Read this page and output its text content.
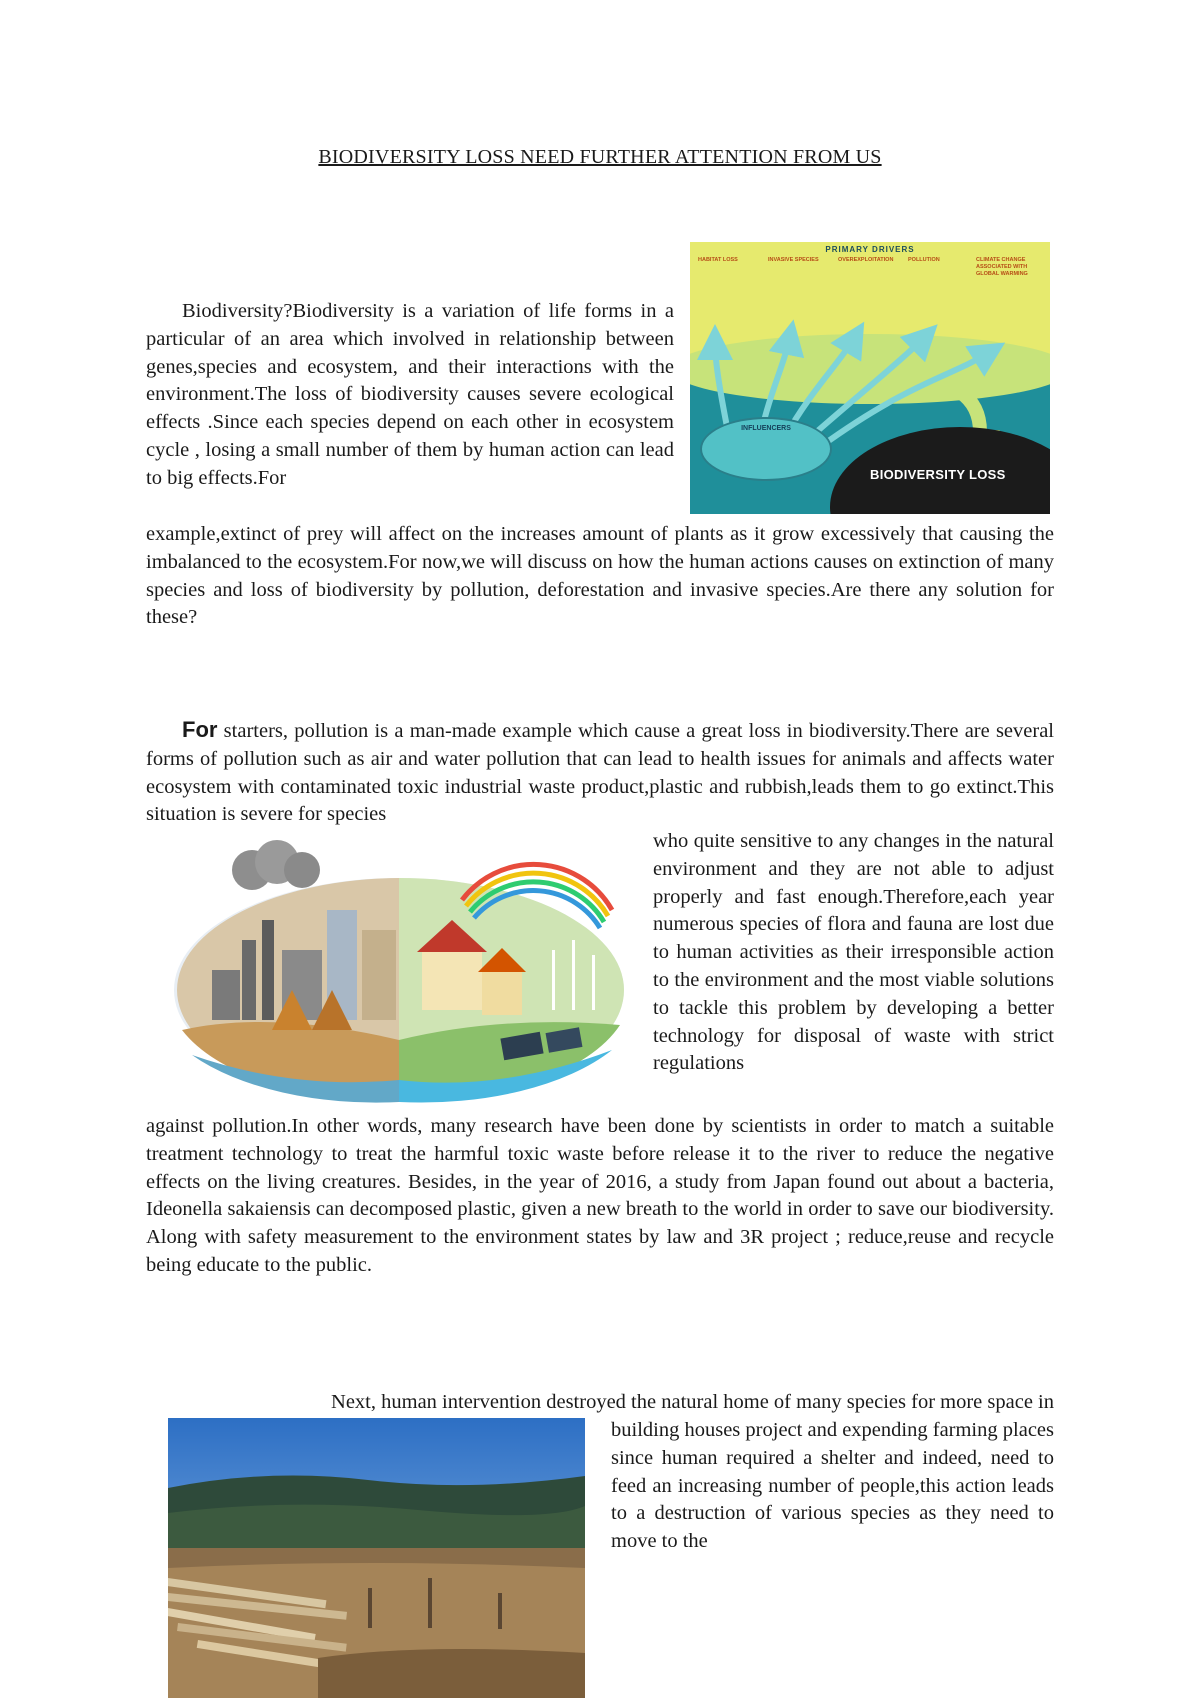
BIODIVERSITY LOSS NEED FURTHER ATTENTION FROM US
PRIMARY DRIVERS
HABITAT LOSS	INVASIVE SPECIES	OVEREXPLOITATION	POLLUTION	CLIMATE CHANGE ASSOCIATED WITH GLOBAL WARMING
INFLUENCERS
BIODIVERSITY LOSS

Biodiversity?Biodiversity is a variation of life forms in a particular of an area which involved in relationship between genes,species and ecosystem, and their interactions with the environment.The loss of biodiversity causes severe ecological effects .Since each species depend on each other in ecosystem cycle , losing a small number of them by human action can lead to big effects.For

example,extinct of prey will affect on the increases amount of plants as it grow excessively that causing the imbalanced to the ecosystem.For now,we will discuss on how the human actions causes on extinction of many species and loss of biodiversity by pollution, deforestation and invasive species.Are there any solution for these?

For starters, pollution is a man-made example which cause a great loss in biodiversity.There are several forms of pollution such as air and water pollution that can lead to health issues for animals and affects water ecosystem with contaminated toxic industrial waste product,plastic and rubbish,leads them to go extinct.This situation is severe for species

who quite sensitive to any changes in the natural environment and they are not able to adjust properly and fast enough.Therefore,each year numerous species of flora and fauna are lost due to human activities as their irresponsible action to the environment and the most viable solutions to tackle this problem by developing a better technology for disposal of waste with strict regulations

against pollution.In other words, many research have been done by scientists in order to match a suitable treatment technology to treat the harmful toxic waste before release it to the river to reduce the negative effects on the living creatures. Besides, in the year of 2016, a study from Japan found out about a bacteria, Ideonella sakaiensis can decomposed plastic, given a new breath to the world in order to save our biodiversity. Along with safety measurement to the environment states by law and 3R project ; reduce,reuse and recycle being educate to the public.

Next, human intervention destroyed the natural home of many species for more space in

building houses project and expending farming places since human required a shelter and indeed, need to feed an increasing number of people,this action leads to a destruction of various species as they need to move to the
